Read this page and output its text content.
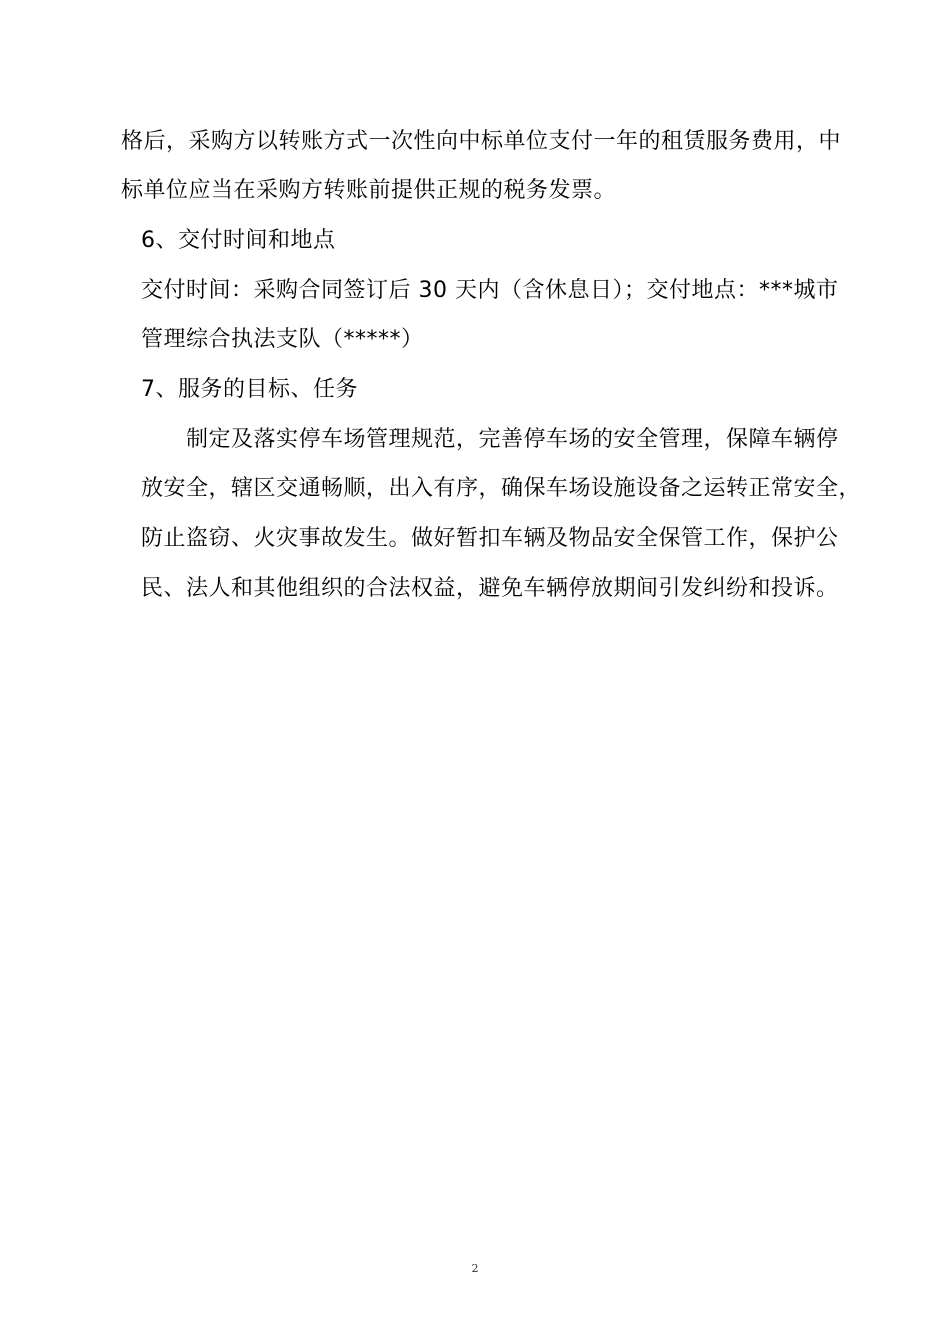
格后，采购方以转账方式一次性向中标单位支付一年的租赁服务费用，中
标单位应当在采购方转账前提供正规的税务发票。
6、交付时间和地点
交付时间：采购合同签订后 30 天内（含休息日）；交付地点：***城市
管理综合执法支队（*****）
7、服务的目标、任务
制定及落实停车场管理规范，完善停车场的安全管理，保障车辆停
放安全，辖区交通畅顺，出入有序，确保车场设施设备之运转正常安全，
防止盗窃、火灾事故发生。做好暂扣车辆及物品安全保管工作，保护公
民、法人和其他组织的合法权益，避免车辆停放期间引发纠纷和投诉。
2
